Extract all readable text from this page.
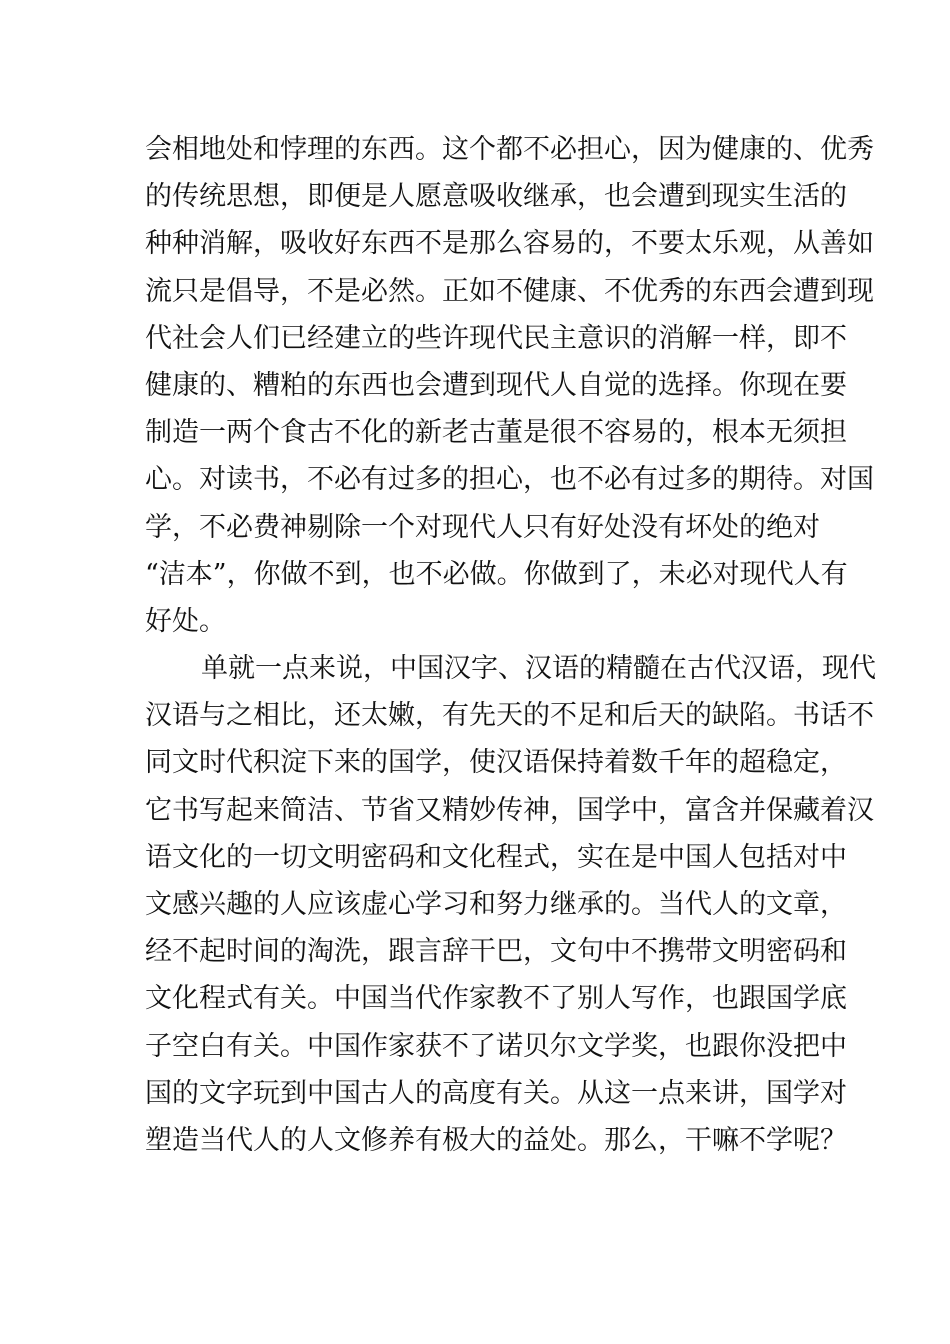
会相地处和悖理的东西。这个都不必担心，因为健康的、优秀
的传统思想，即便是人愿意吸收继承，也会遭到现实生活的
种种消解，吸收好东西不是那么容易的，不要太乐观，从善如
流只是倡导，不是必然。正如不健康、不优秀的东西会遭到现
代社会人们已经建立的些许现代民主意识的消解一样，即不
健康的、糟粕的东西也会遭到现代人自觉的选择。你现在要
制造一两个食古不化的新老古董是很不容易的，根本无须担
心。对读书，不必有过多的担心，也不必有过多的期待。对国
学，不必费神剔除一个对现代人只有好处没有坏处的绝对
“洁本”，你做不到，也不必做。你做到了，未必对现代人有
好处。
单就一点来说，中国汉字、汉语的精髓在古代汉语，现代
汉语与之相比，还太嫩，有先天的不足和后天的缺陷。书话不
同文时代积淀下来的国学，使汉语保持着数千年的超稳定，
它书写起来简洁、节省又精妙传神，国学中，富含并保藏着汉
语文化的一切文明密码和文化程式，实在是中国人包括对中
文感兴趣的人应该虚心学习和努力继承的。当代人的文章，
经不起时间的淘洗，跟言辞干巴，文句中不携带文明密码和
文化程式有关。中国当代作家教不了别人写作，也跟国学底
子空白有关。中国作家获不了诺贝尔文学奖，也跟你没把中
国的文字玩到中国古人的高度有关。从这一点来讲，国学对
塑造当代人的人文修养有极大的益处。那么，干嘛不学呢？
